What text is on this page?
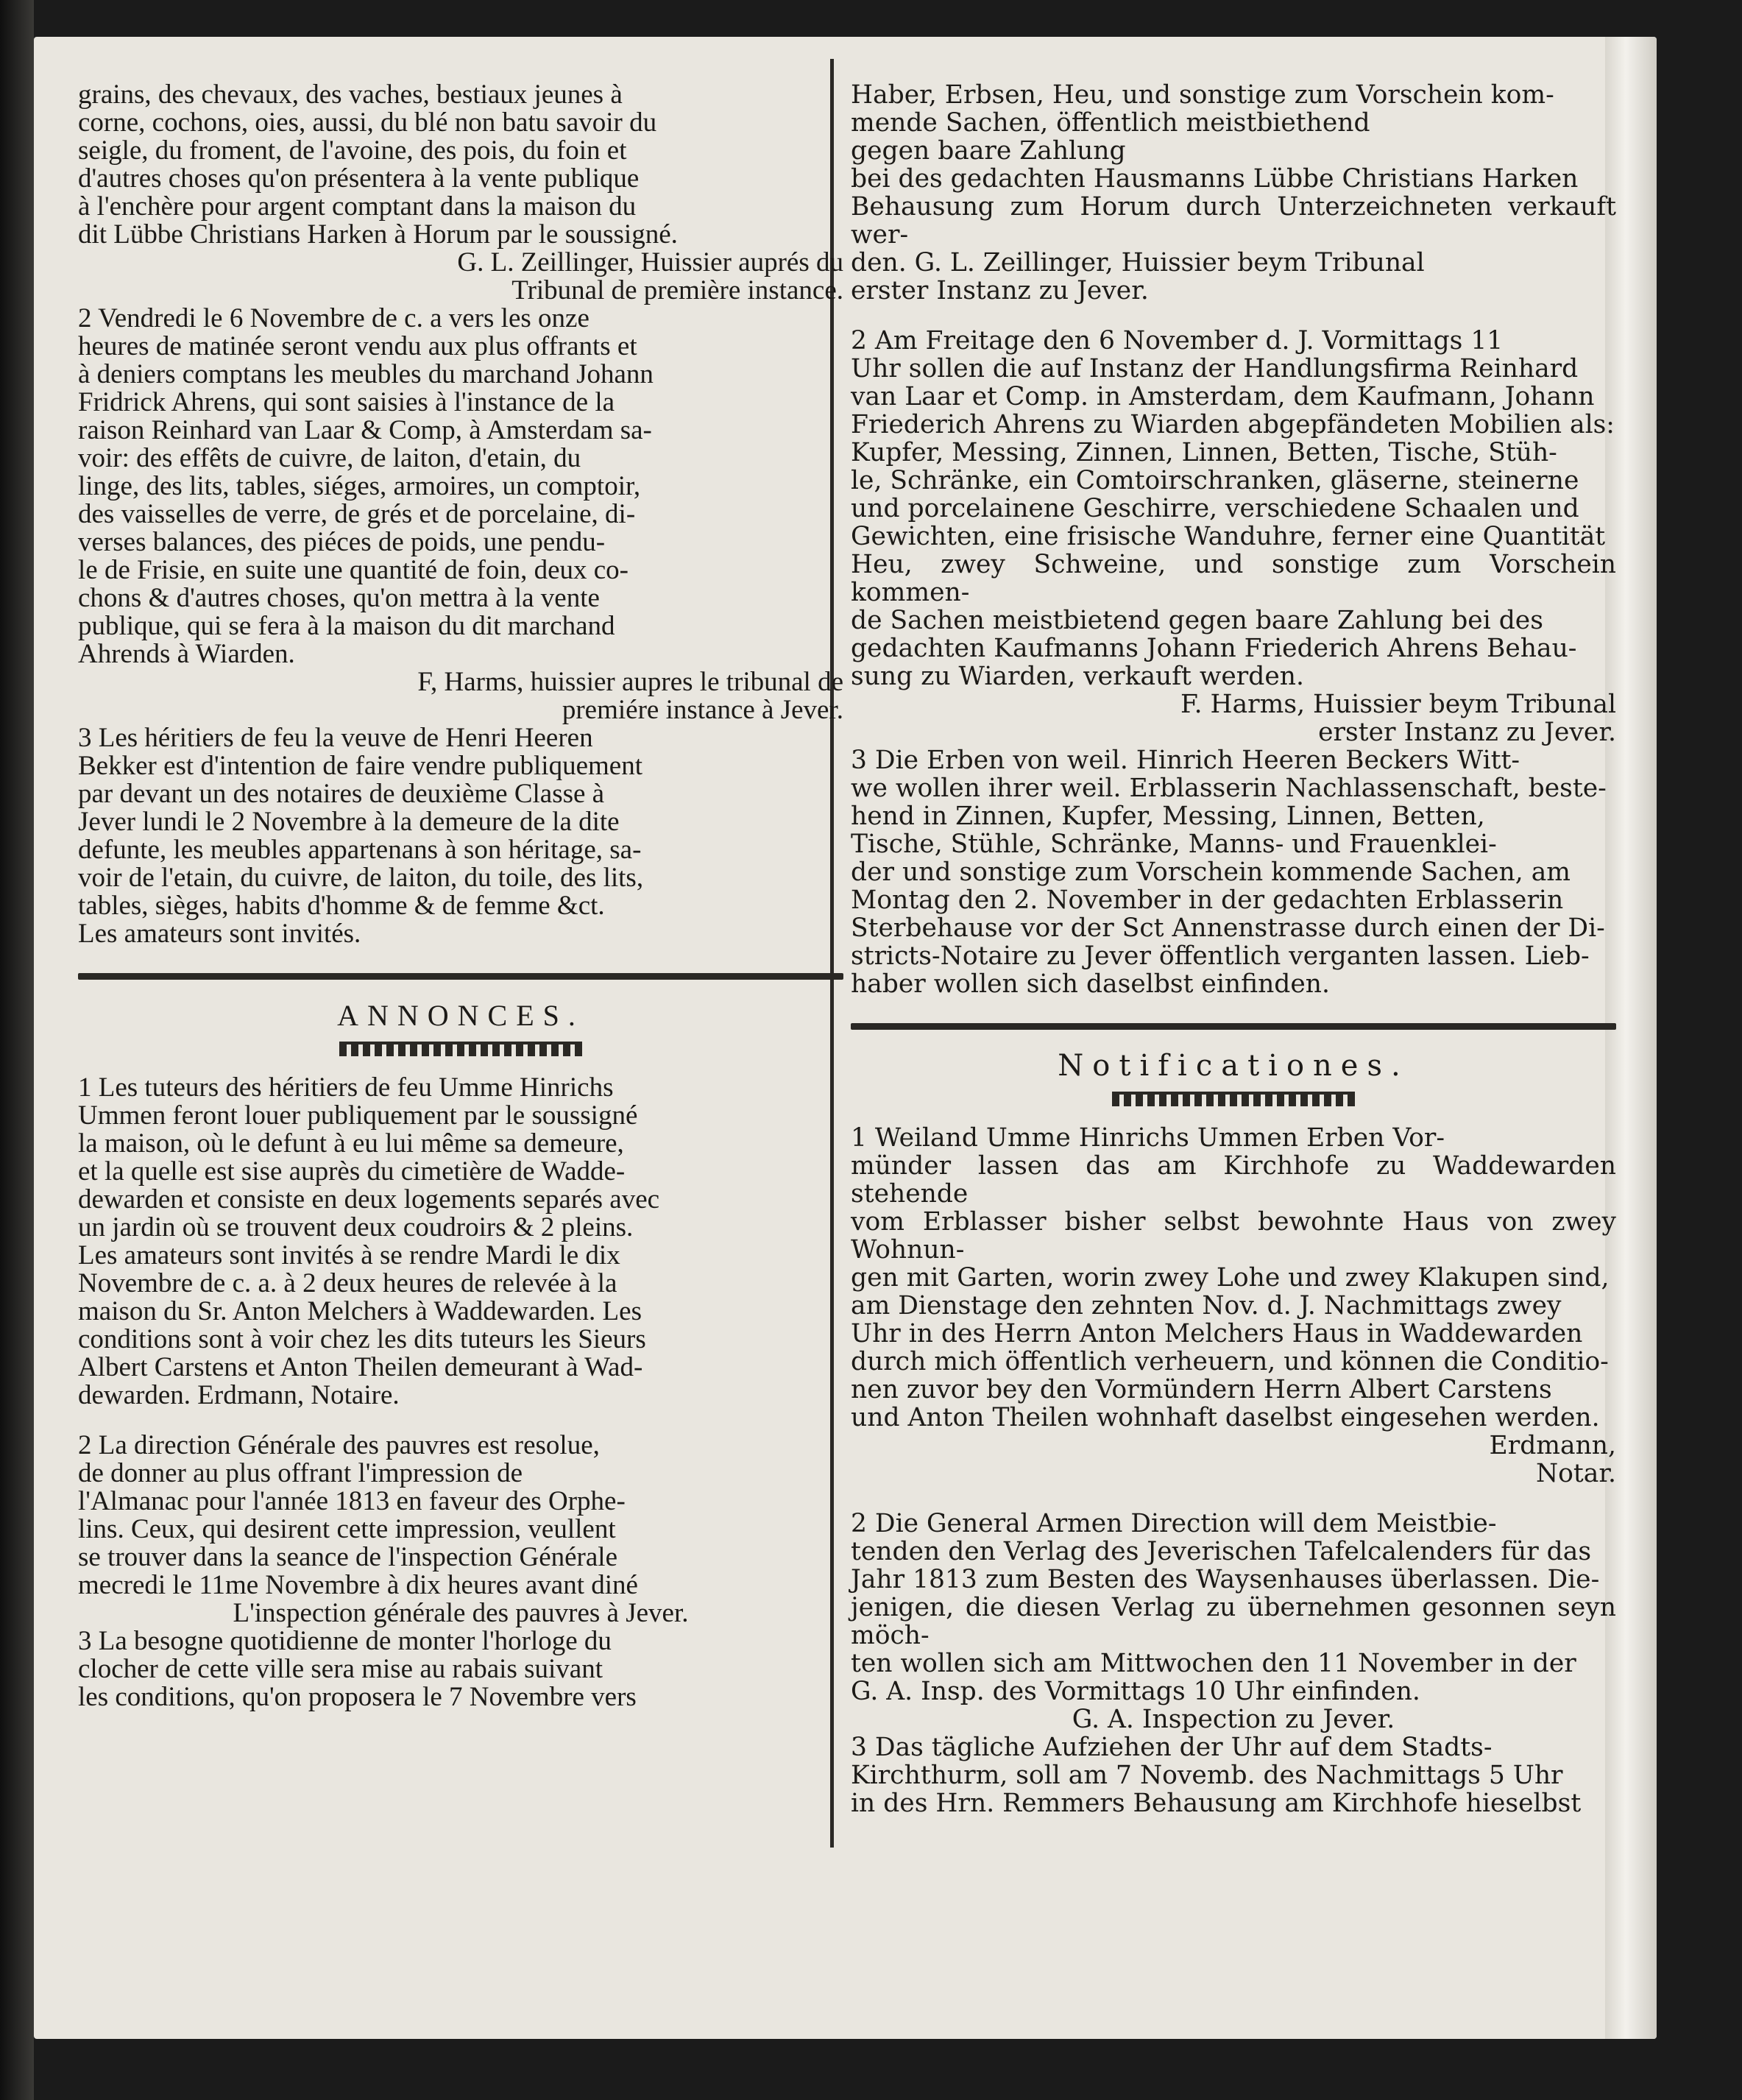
grains, des chevaux, des vaches, bestiaux jeunes à

corne, cochons, oies, aussi, du blé non batu savoir du

seigle, du froment, de l'avoine, des pois, du foin et

d'autres choses qu'on présentera à la vente publique

à l'enchère pour argent comptant dans la maison du

dit Lübbe Christians Harken à Horum par le soussigné.

G. L. Zeillinger, Huissier auprés du

Tribunal de première instance.

2 Vendredi le 6 Novembre de c. a vers les onze

heures de matinée seront vendu aux plus offrants et

à deniers comptans les meubles du marchand Johann

Fridrick Ahrens, qui sont saisies à l'instance de la

raison Reinhard van Laar & Comp, à Amsterdam sa-

voir: des effêts de cuivre, de laiton, d'etain, du

linge, des lits, tables, siéges, armoires, un comptoir,

des vaisselles de verre, de grés et de porcelaine, di-

verses balances, des piéces de poids, une pendu-

le de Frisie, en suite une quantité de foin, deux co-

chons & d'autres choses, qu'on mettra à la vente

publique, qui se fera à la maison du dit marchand

Ahrends à Wiarden.

F, Harms, huissier aupres le tribunal de

premiére instance à Jever.

3 Les héritiers de feu la veuve de Henri Heeren

Bekker est d'intention de faire vendre publiquement

par devant un des notaires de deuxième Classe à

Jever lundi le 2 Novembre à la demeure de la dite

defunte, les meubles appartenans à son héritage, sa-

voir de l'etain, du cuivre, de laiton, du toile, des lits,

tables, sièges, habits d'homme & de femme &ct.

Les amateurs sont invités.

ANNONCES.

1 Les tuteurs des héritiers de feu Umme Hinrichs

Ummen feront louer publiquement par le soussigné

la maison, où le defunt à eu lui même sa demeure,

et la quelle est sise auprès du cimetière de Wadde-

dewarden et consiste en deux logements separés avec

un jardin où se trouvent deux coudroirs & 2 pleins.

Les amateurs sont invités à se rendre Mardi le dix

Novembre de c. a. à 2 deux heures de relevée à la

maison du Sr. Anton Melchers à Waddewarden. Les

conditions sont à voir chez les dits tuteurs les Sieurs

Albert Carstens et Anton Theilen demeurant à Wad-

dewarden. Erdmann, Notaire.

2 La direction Générale des pauvres est resolue,

de donner au plus offrant l'impression de

l'Almanac pour l'année 1813 en faveur des Orphe-

lins. Ceux, qui desirent cette impression, veullent

se trouver dans la seance de l'inspection Générale

mecredi le 11me Novembre à dix heures avant diné

L'inspection générale des pauvres à Jever.

3 La besogne quotidienne de monter l'horloge du

clocher de cette ville sera mise au rabais suivant

les conditions, qu'on proposera le 7 Novembre vers

Haber, Erbsen, Heu, und sonstige zum Vorschein kom-

mende Sachen, öffentlich meistbiethend

gegen baare Zahlung

bei des gedachten Hausmanns Lübbe Christians Harken

Behausung zum Horum durch Unterzeichneten verkauft wer-

den. G. L. Zeillinger, Huissier beym Tribunal

erster Instanz zu Jever.

2 Am Freitage den 6 November d. J. Vormittags 11

Uhr sollen die auf Instanz der Handlungsfirma Reinhard

van Laar et Comp. in Amsterdam, dem Kaufmann, Johann

Friederich Ahrens zu Wiarden abgepfändeten Mobilien als:

Kupfer, Messing, Zinnen, Linnen, Betten, Tische, Stüh-

le, Schränke, ein Comtoirschranken, gläserne, steinerne

und porcelainene Geschirre, verschiedene Schaalen und

Gewichten, eine frisische Wanduhre, ferner eine Quantität

Heu, zwey Schweine, und sonstige zum Vorschein kommen-

de Sachen meistbietend gegen baare Zahlung bei des

gedachten Kaufmanns Johann Friederich Ahrens Behau-

sung zu Wiarden, verkauft werden.

F. Harms, Huissier beym Tribunal

erster Instanz zu Jever.

3 Die Erben von weil. Hinrich Heeren Beckers Witt-

we wollen ihrer weil. Erblasserin Nachlassenschaft, beste-

hend in Zinnen, Kupfer, Messing, Linnen, Betten,

Tische, Stühle, Schränke, Manns- und Frauenklei-

der und sonstige zum Vorschein kommende Sachen, am

Montag den 2. November in der gedachten Erblasserin

Sterbehause vor der Sct Annenstrasse durch einen der Di-

stricts-Notaire zu Jever öffentlich verganten lassen. Lieb-

haber wollen sich daselbst einfinden.

Notificationes.

1 Weiland Umme Hinrichs Ummen Erben Vor-

münder lassen das am Kirchhofe zu Waddewarden stehende

vom Erblasser bisher selbst bewohnte Haus von zwey Wohnun-

gen mit Garten, worin zwey Lohe und zwey Klakupen sind,

am Dienstage den zehnten Nov. d. J. Nachmittags zwey

Uhr in des Herrn Anton Melchers Haus in Waddewarden

durch mich öffentlich verheuern, und können die Conditio-

nen zuvor bey den Vormündern Herrn Albert Carstens

und Anton Theilen wohnhaft daselbst eingesehen werden.

Erdmann,

Notar.

2 Die General Armen Direction will dem Meistbie-

tenden den Verlag des Jeverischen Tafelcalenders für das

Jahr 1813 zum Besten des Waysenhauses überlassen. Die-

jenigen, die diesen Verlag zu übernehmen gesonnen seyn möch-

ten wollen sich am Mittwochen den 11 November in der

G. A. Insp. des Vormittags 10 Uhr einfinden.

G. A. Inspection zu Jever.

3 Das tägliche Aufziehen der Uhr auf dem Stadts-

Kirchthurm, soll am 7 Novemb. des Nachmittags 5 Uhr

in des Hrn. Remmers Behausung am Kirchhofe hieselbst
